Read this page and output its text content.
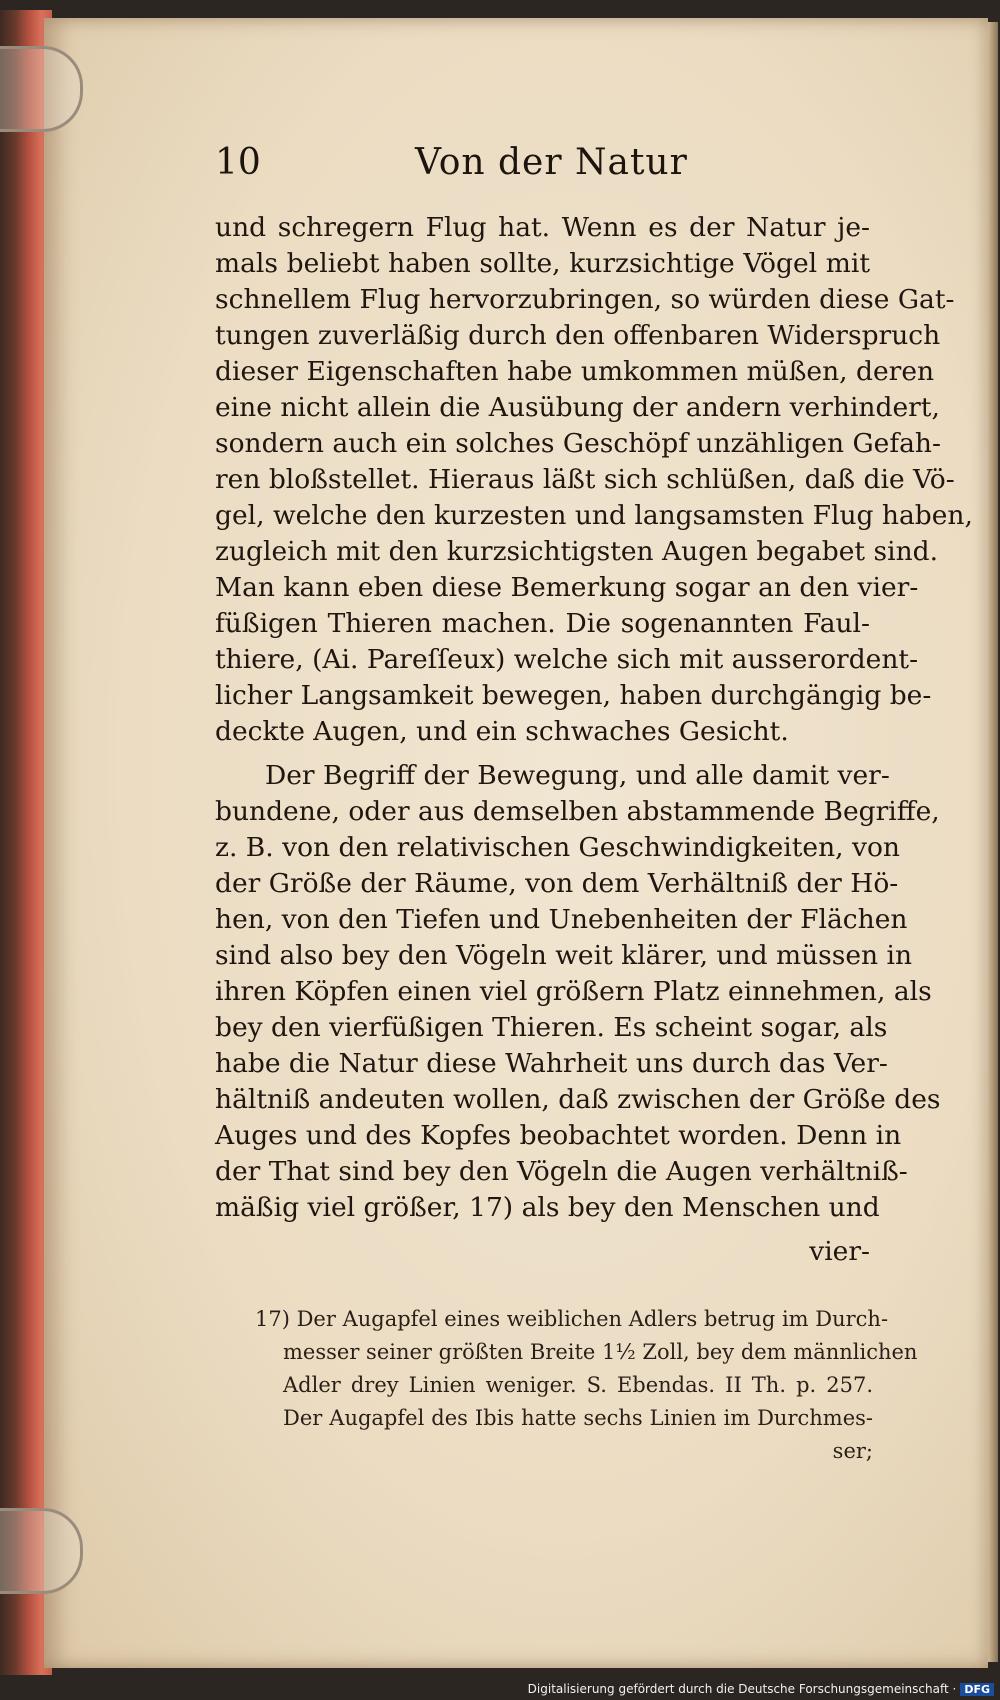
10	Von der Natur
und schregern Flug hat. Wenn es der Natur je-
mals beliebt haben sollte, kurzsichtige Vögel mit
schnellem Flug hervorzubringen, so würden diese Gat-
tungen zuverläßig durch den offenbaren Widerspruch
dieser Eigenschaften habe umkommen müßen, deren
eine nicht allein die Ausübung der andern verhindert,
sondern auch ein solches Geschöpf unzähligen Gefah-
ren bloßstellet. Hieraus läßt sich schlüßen, daß die Vö-
gel, welche den kurzesten und langsamsten Flug haben,
zugleich mit den kurzsichtigsten Augen begabet sind.
Man kann eben diese Bemerkung sogar an den vier-
füßigen Thieren machen. Die sogenannten Faul-
thiere, (Ai. Pareſſeux) welche sich mit ausserordent-
licher Langsamkeit bewegen, haben durchgängig be-
deckte Augen, und ein schwaches Gesicht.
Der Begriff der Bewegung, und alle damit ver-
bundene, oder aus demselben abstammende Begriffe,
z. B. von den relativischen Geschwindigkeiten, von
der Größe der Räume, von dem Verhältniß der Hö-
hen, von den Tiefen und Unebenheiten der Flächen
sind also bey den Vögeln weit klärer, und müssen in
ihren Köpfen einen viel größern Platz einnehmen, als
bey den vierfüßigen Thieren. Es scheint sogar, als
habe die Natur diese Wahrheit uns durch das Ver-
hältniß andeuten wollen, daß zwischen der Größe des
Auges und des Kopfes beobachtet worden. Denn in
der That sind bey den Vögeln die Augen verhältniß-
mäßig viel größer, 17) als bey den Menschen und
vier-
17) Der Augapfel eines weiblichen Adlers betrug im Durch-
messer seiner größten Breite 1½ Zoll, bey dem männlichen
Adler drey Linien weniger. S. Ebendas. II Th. p. 257.
Der Augapfel des Ibis hatte sechs Linien im Durchmes-
ser;
Digitalisierung gefördert durch die Deutsche Forschungsgemeinschaft · DFG
